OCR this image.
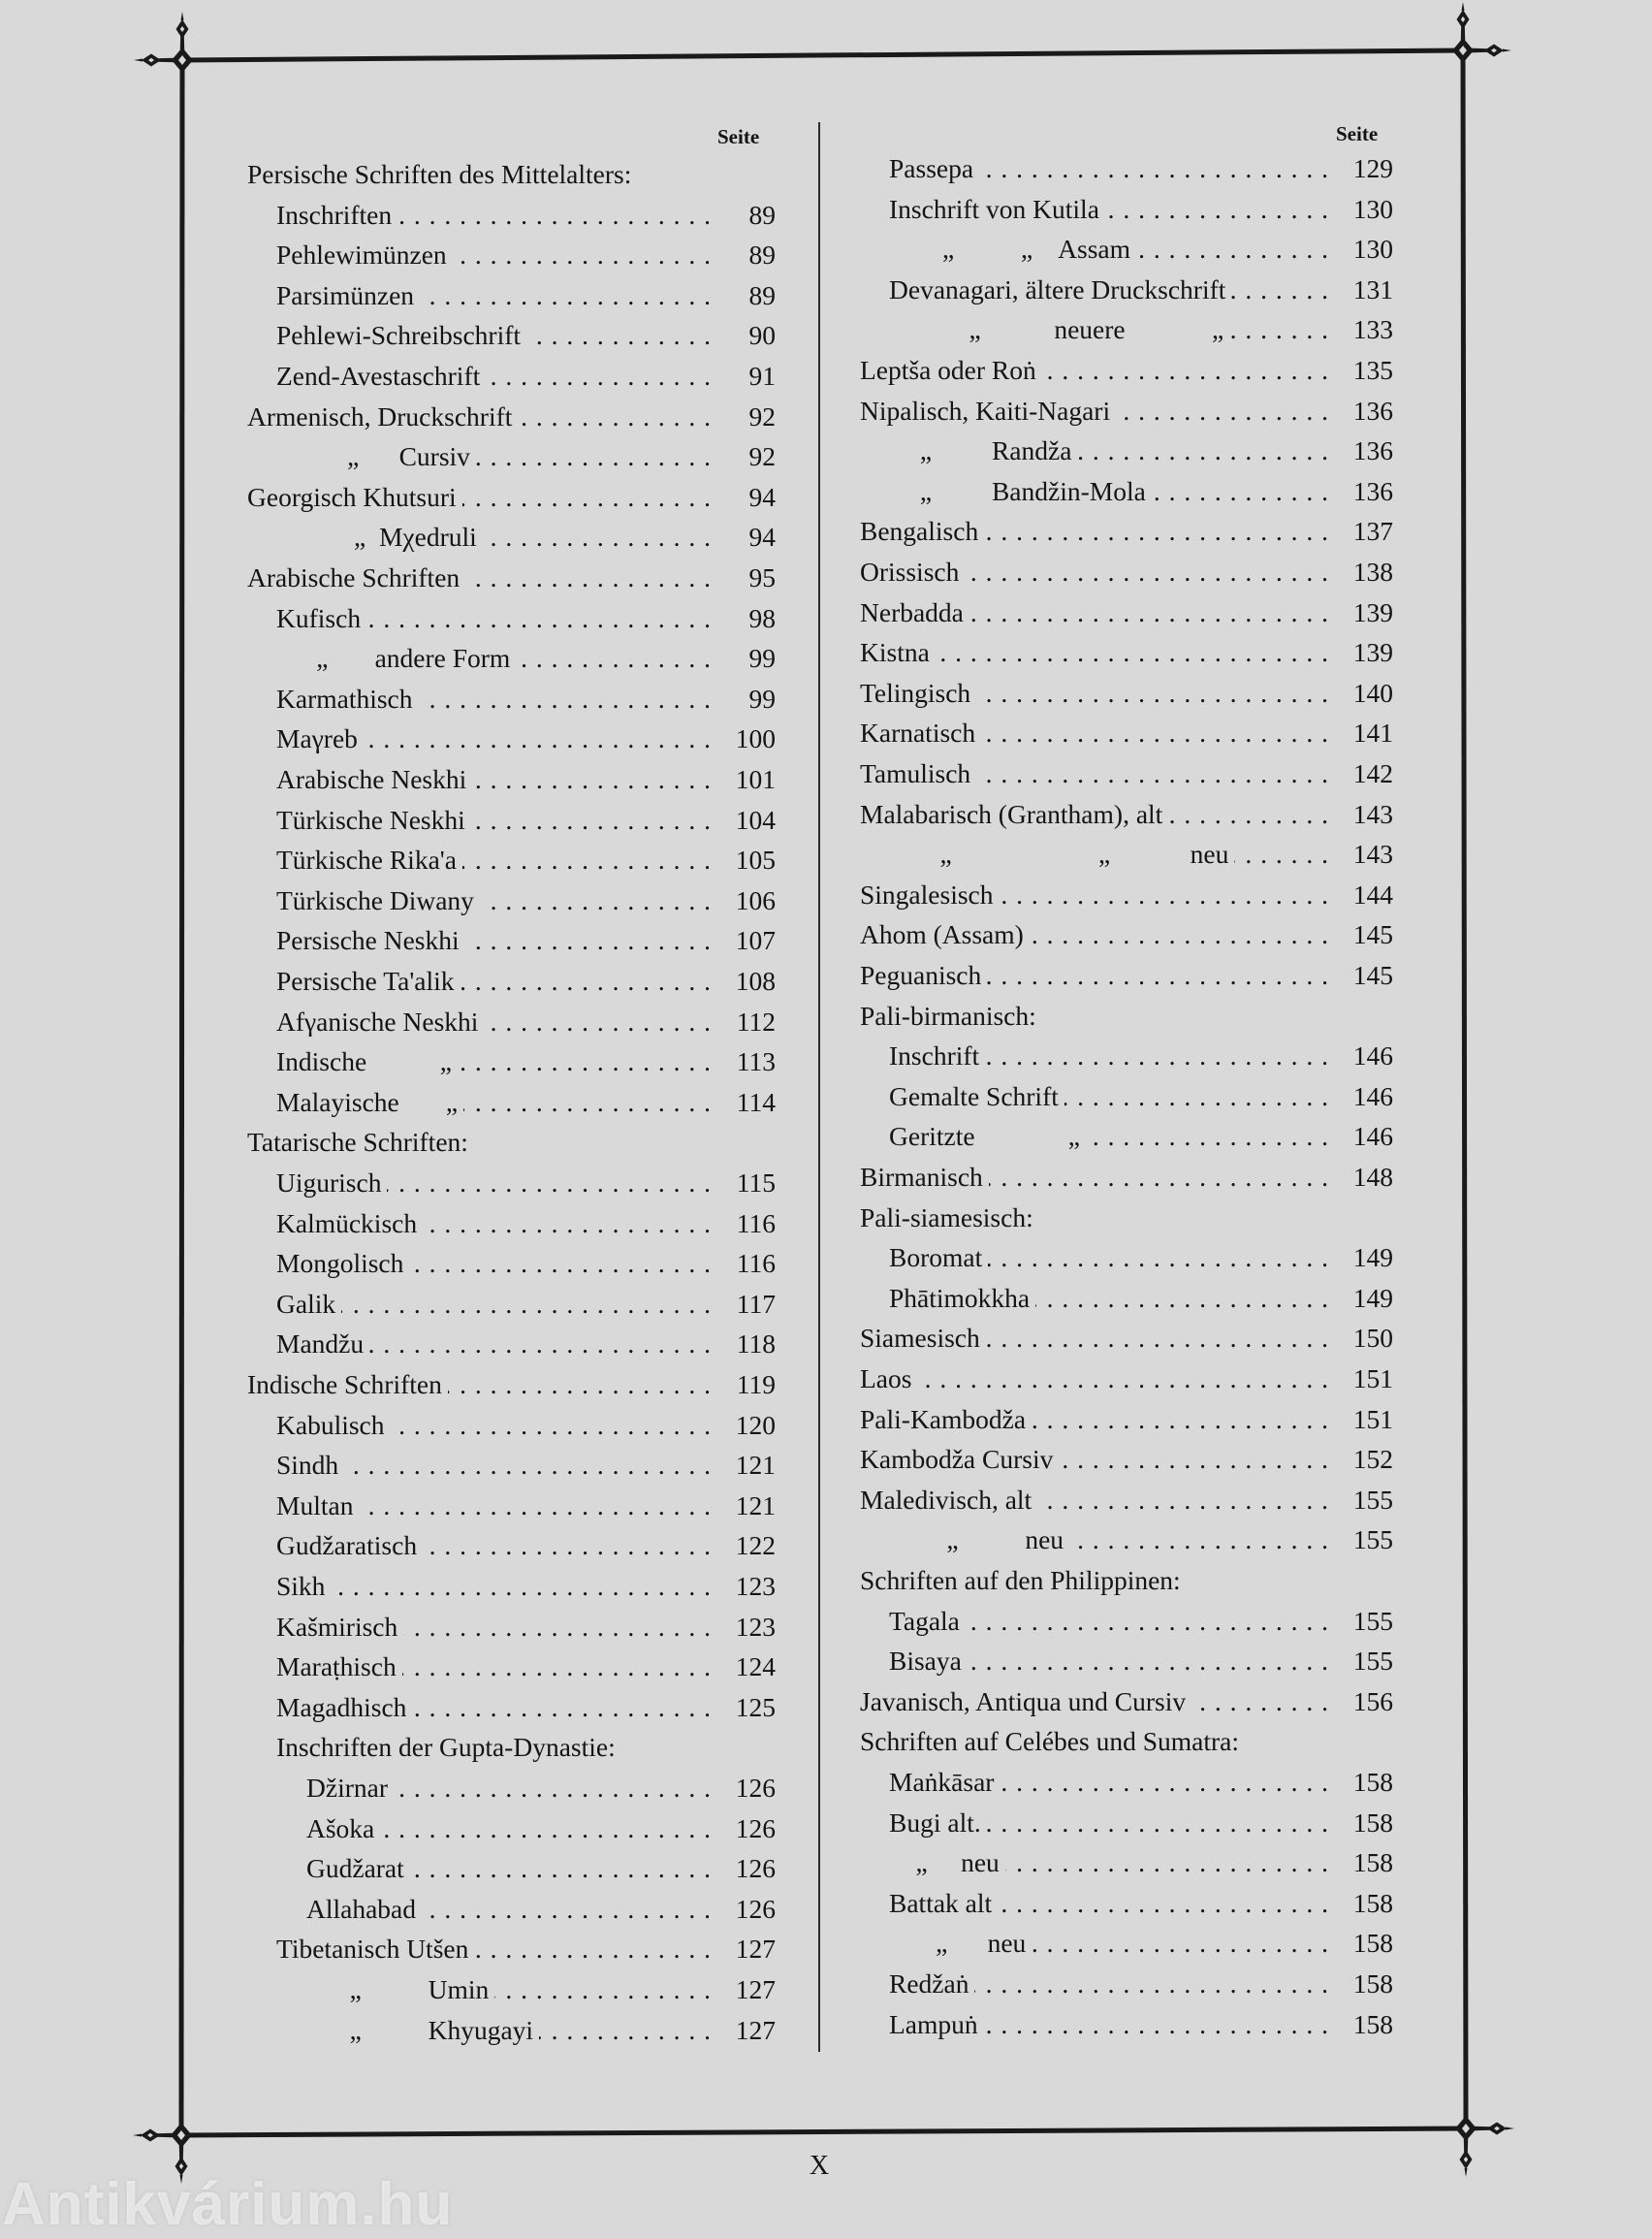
Seite	Seite
Persische Schriften des Mittelalters:
Inschriften . . .	89
Pehlewimünzen . . .	89
Parsimünzen . . .	89
Pehlewi-Schreibschrift . . .	90
Zend-Avestaschrift . . .	91
Armenisch, Druckschrift . . .	92
„      Cursiv . . .	92
Georgisch Khutsuri . . .	94
„  Mχedruli . . .	94
Arabische Schriften . . .	95
Kufisch . . .	98
„       andere Form . . .	99
Karmathisch . . .	99
Maγreb . . .	100
Arabische Neskhi . . .	101
Türkische Neskhi . . .	104
Türkische Rika'a . . .	105
Türkische Diwany . . .	106
Persische Neskhi . . .	107
Persische Ta'alik . . .	108
Afγanische Neskhi . . .	112
Indische           „ . . .	113
Malayische       „ . . .	114
Tatarische Schriften:
Uigurisch . . .	115
Kalmückisch . . .	116
Mongolisch . . .	116
Galik . . .	117
Mandžu . . .	118
Indische Schriften . . .	119
Kabulisch . . .	120
Sindh . . .	121
Multan . . .	121
Gudžaratisch . . .	122
Sikh . . .	123
Kašmirisch . . .	123
Maraṭhisch . . .	124
Magadhisch . . .	125
Inschriften der Gupta-Dynastie:
Džirnar . . .	126
Ašoka . . .	126
Gudžarat . . .	126
Allahabad . . .	126
Tibetanisch Utšen . . .	127
„          Umin . . .	127
„          Khyugayi . . .	127
Passepa . . .	129
Inschrift von Kutila . . .	130
„          „    Assam . . .	130
Devanagari, ältere Druckschrift . . .	131
„           neuere             „ . . .	133
Leptša oder Roṅ . . .	135
Nipalisch, Kaiti-Nagari . . .	136
„         Randža . . .	136
„         Bandžin-Mola . . .	136
Bengalisch . . .	137
Orissisch . . .	138
Nerbadda . . .	139
Kistna . . .	139
Telingisch . . .	140
Karnatisch . . .	141
Tamulisch . . .	142
Malabarisch (Grantham), alt . . .	143
„                      „            neu . . .	143
Singalesisch . . .	144
Ahom (Assam) . . .	145
Peguanisch . . .	145
Pali-birmanisch:
Inschrift . . .	146
Gemalte Schrift . . .	146
Geritzte              „ . . .	146
Birmanisch . . .	148
Pali-siamesisch:
Boromat . . .	149
Phātimokkha . . .	149
Siamesisch . . .	150
Laos . . .	151
Pali-Kambodža . . .	151
Kambodža Cursiv . . .	152
Maledivisch, alt . . .	155
„          neu . . .	155
Schriften auf den Philippinen:
Tagala . . .	155
Bisaya . . .	155
Javanisch, Antiqua und Cursiv . . .	156
Schriften auf Celébes und Sumatra:
Maṅkāsar . . .	158
Bugi alt. . . .	158
„     neu . . .	158
Battak alt . . .	158
„      neu . . .	158
Redžaṅ . . .	158
Lampuṅ . . .	158
X
Antikvárium.hu
